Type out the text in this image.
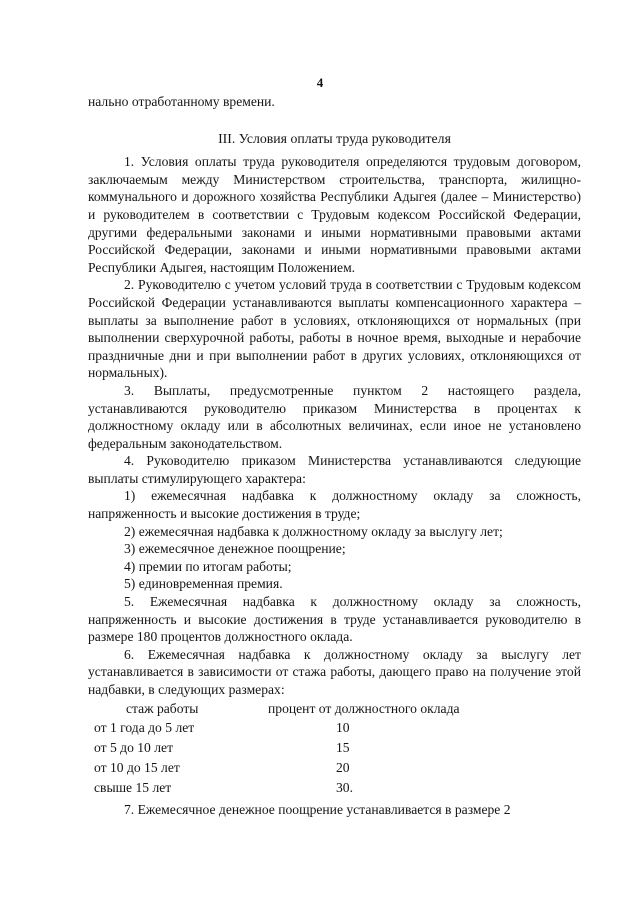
4

нально отработанному времени.

III. Условия оплаты труда руководителя

1. Условия оплаты труда руководителя определяются трудовым договором, заключаемым между Министерством строительства, транспорта, жилищно-коммунального и дорожного хозяйства Республики Адыгея (далее – Министерство) и руководителем в соответствии с Трудовым кодексом Российской Федерации, другими федеральными законами и иными нормативными правовыми актами Российской Федерации, законами и иными нормативными правовыми актами Республики Адыгея, настоящим Положением.

2. Руководителю с учетом условий труда в соответствии с Трудовым кодексом Российской Федерации устанавливаются выплаты компенсационного характера – выплаты за выполнение работ в условиях, отклоняющихся от нормальных (при выполнении сверхурочной работы, работы в ночное время, выходные и нерабочие праздничные дни и при выполнении работ в других условиях, отклоняющихся от нормальных).

3. Выплаты, предусмотренные пунктом 2 настоящего раздела, устанавливаются руководителю приказом Министерства в процентах к должностному окладу или в абсолютных величинах, если иное не установлено федеральным законодательством.

4. Руководителю приказом Министерства устанавливаются следующие выплаты стимулирующего характера:

1) ежемесячная надбавка к должностному окладу за сложность, напряженность и высокие достижения в труде;

2) ежемесячная надбавка к должностному окладу за выслугу лет;

3) ежемесячное денежное поощрение;

4) премии по итогам работы;

5) единовременная премия.

5. Ежемесячная надбавка к должностному окладу за сложность, напряженность и высокие достижения в труде устанавливается руководителю в размере 180 процентов должностного оклада.

6. Ежемесячная надбавка к должностному окладу за выслугу лет устанавливается в зависимости от стажа работы, дающего право на получение этой надбавки, в следующих размерах:

стаж работы	процент от должностного оклада
от 1 года до 5 лет	10
от 5 до 10 лет	15
от 10 до 15 лет	20
свыше 15 лет	30.

7. Ежемесячное денежное поощрение устанавливается в размере 2
